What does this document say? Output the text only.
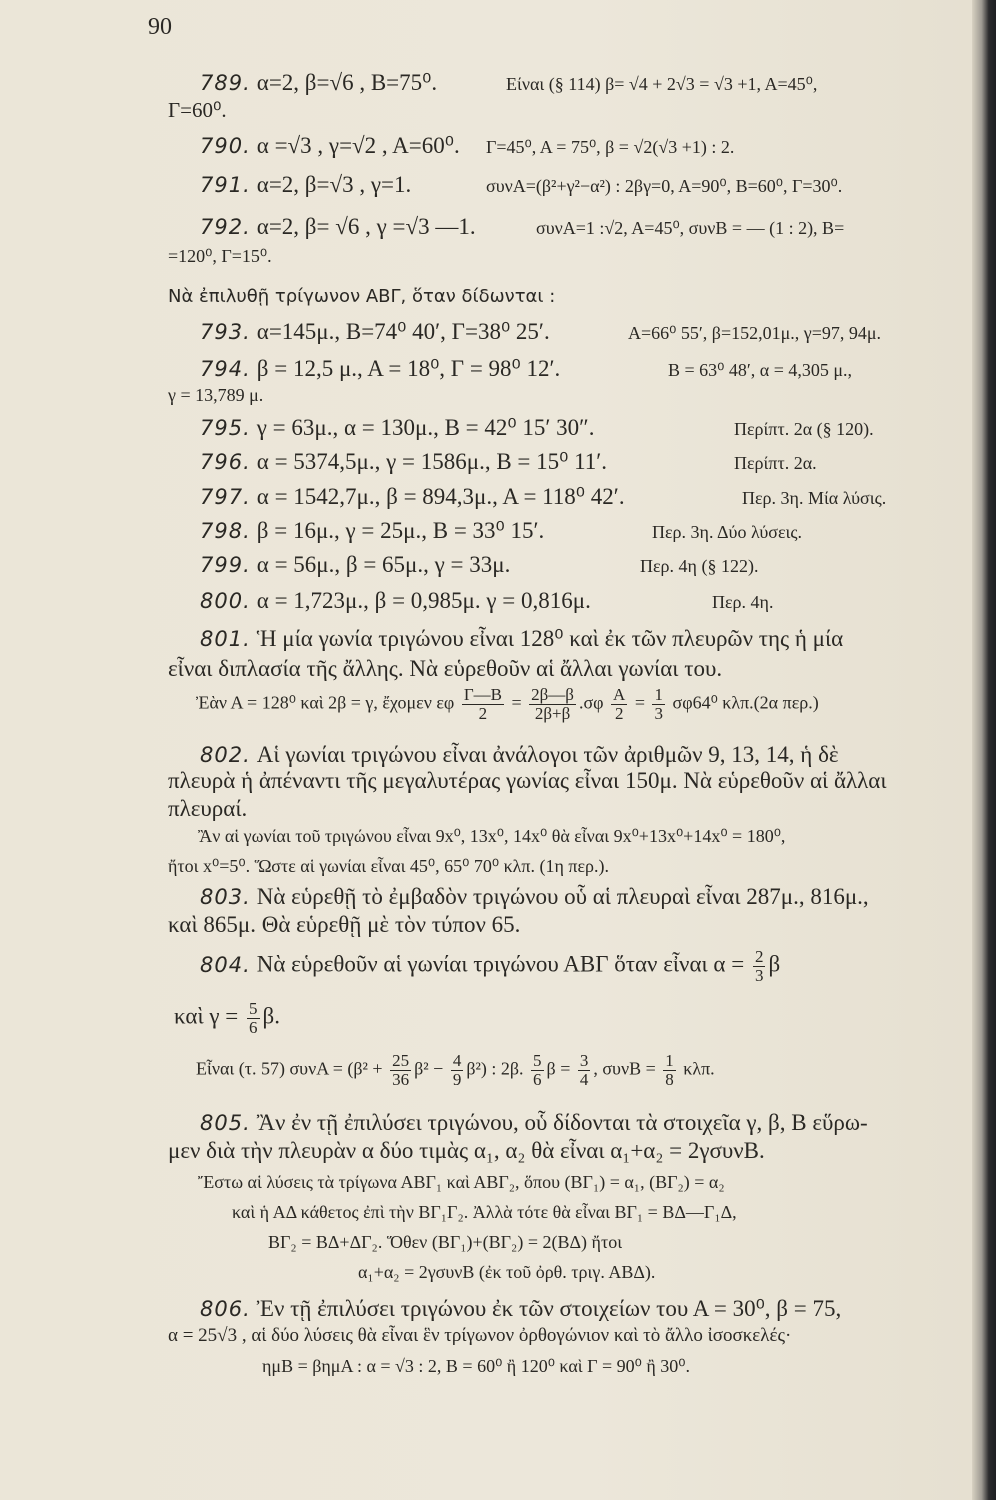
90
789. α=2, β=√6 , Β=75⁰.	Είναι (§ 114) β= √4 + 2√3 = √3 +1, Α=45⁰,
Γ=60⁰.
790. α =√3 , γ=√2 , Α=60⁰. Γ=45⁰, Α = 75⁰, β = √2(√3 +1) : 2.
791. α=2, β=√3 , γ=1.	συνΑ=(β²+γ²−α²) : 2βγ=0, Α=90⁰, Β=60⁰, Γ=30⁰.
792. α=2, β= √6 , γ =√3 —1.	συνΑ=1 :√2, Α=45⁰, συνΒ = — (1 : 2), Β=
=120⁰, Γ=15⁰.
Νὰ ἐπιλυθῇ τρίγωνον ΑΒΓ, ὅταν δίδωνται :
793. α=145μ., Β=74⁰ 40′, Γ=38⁰ 25′.	Α=66⁰ 55′, β=152,01μ., γ=97, 94μ.
794. β = 12,5 μ., Α = 18⁰, Γ = 98⁰ 12′.	Β = 63⁰ 48′, α = 4,305 μ.,
γ = 13,789 μ.
795. γ = 63μ., α = 130μ., Β = 42⁰ 15′ 30″.	Περίπτ. 2α (§ 120).
796. α = 5374,5μ., γ = 1586μ., Β = 15⁰ 11′.	Περίπτ. 2α.
797. α = 1542,7μ., β = 894,3μ., Α = 118⁰ 42′.	Περ. 3η. Μία λύσις.
798. β = 16μ., γ = 25μ., Β = 33⁰ 15′.	Περ. 3η. Δύο λύσεις.
799. α = 56μ., β = 65μ., γ = 33μ.	Περ. 4η (§ 122).
800. α = 1,723μ., β = 0,985μ. γ = 0,816μ.	Περ. 4η.
801. Ἡ μία γωνία τριγώνου εἶναι 128⁰ καὶ ἐκ τῶν πλευρῶν της ἡ μία
εἶναι διπλασία τῆς ἄλλης. Νὰ εὑρεθοῦν αἱ ἄλλαι γωνίαι του.
Ἐὰν Α = 128⁰ καὶ 2β = γ, ἔχομεν εφ $\frac{\Gamma—B}{2} = \frac{2\beta—\beta}{2\beta+\beta} .\sigma\varphi \frac{A}{2} = \frac{1}{3} \sigma\varphi 64^0$ κλπ.(2α περ.)
802. Αἱ γωνίαι τριγώνου εἶναι ἀνάλογοι τῶν ἀριθμῶν 9, 13, 14, ἡ δὲ
πλευρὰ ἡ ἀπέναντι τῆς μεγαλυτέρας γωνίας εἶναι 150μ. Νὰ εὑρεθοῦν αἱ ἄλλαι
πλευραί.
Ἂν αἱ γωνίαι τοῦ τριγώνου εἶναι 9x⁰, 13x⁰, 14x⁰ θὰ εἶναι 9x⁰+13x⁰+14x⁰ = 180⁰,
ἤτοι x⁰=5⁰. Ὥστε αἱ γωνίαι εἶναι 45⁰, 65⁰ 70⁰ κλπ. (1η περ.).
803. Νὰ εὑρεθῇ τὸ ἐμβαδὸν τριγώνου οὗ αἱ πλευραὶ εἶναι 287μ., 816μ.,
καὶ 865μ. Θὰ εὑρεθῇ μὲ τὸν τύπον 65.
804. Νὰ εὑρεθοῦν αἱ γωνίαι τριγώνου ΑΒΓ ὅταν εἶναι $\alpha = \frac{2}{3}$ β
καὶ $\gamma = \frac{5}{6} \beta$.
Εἶναι (τ. 57) $\sigma\upsilon\nu A = (\beta^2 + \frac{25}{36} \beta^2 - \frac{4}{9} \beta^2)$ : 2β. $\frac{5}{6}$ $\beta = \frac{3}{4}$ , $\sigma\upsilon\nu B = \frac{1}{8} \kappa\lambda\pi$.
805. Ἂν ἐν τῇ ἐπιλύσει τριγώνου, οὗ δίδονται τὰ στοιχεῖα γ, β, Β εὕρω-
μεν διὰ τὴν πλευρὰν α δύο τιμὰς α₁, α₂ θὰ εἶναι α₁+α₂ = 2γσυνΒ.
Ἔστω αἱ λύσεις τὰ τρίγωνα ΑΒΓ₁ καὶ ΑΒΓ₂, ὅπου (ΒΓ₁) = α₁, (ΒΓ₂) = α₂
καὶ ἡ ΑΔ κάθετος ἐπὶ τὴν ΒΓ₁Γ₂. Ἀλλὰ τότε θὰ εἶναι ΒΓ₁ = ΒΔ—Γ₁Δ,
ΒΓ₂ = ΒΔ+ΔΓ₂. Ὅθεν (ΒΓ₁)+(ΒΓ₂) = 2(ΒΔ) ἤτοι
α₁+α₂ = 2γσυνΒ (ἐκ τοῦ ὀρθ. τριγ. ΑΒΔ).
806. Ἐν τῇ ἐπιλύσει τριγώνου ἐκ τῶν στοιχείων του Α = 30⁰, β = 75,
α = 25√3 , αἱ δύο λύσεις θὰ εἶναι ἓν τρίγωνον ὀρθογώνιον καὶ τὸ ἄλλο ἰσοσκελές·
ημΒ = βημΑ : α = √3 : 2, Β = 60⁰ ἢ 120⁰ καὶ Γ = 90⁰ ἢ 30⁰.
